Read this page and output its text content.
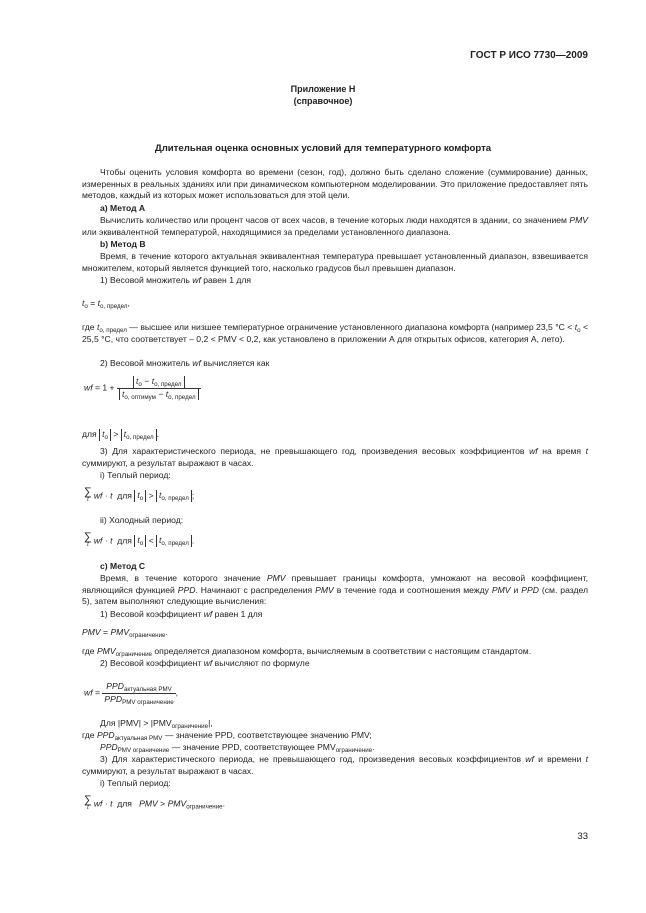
ГОСТ Р ИСО 7730—2009
Приложение Н
(справочное)
Длительная оценка основных условий для температурного комфорта
Чтобы оценить условия комфорта во времени (сезон, год), должно быть сделано сложение (суммирование) данных, измеренных в реальных зданиях или при динамическом компьютерном моделировании. Это приложение предоставляет пять методов, каждый из которых может использоваться для этой цели.
а) Метод А
Вычислить количество или процент часов от всех часов, в течение которых люди находятся в здании, со значением PMV или эквивалентной температурой, находящимися за пределами установленного диапазона.
b) Метод В
Время, в течение которого актуальная эквивалентная температура превышает установленный диапазон, взвешивается множителем, который является функцией того, насколько градусов был превышен диапазон.
1) Весовой множитель wf равен 1 для
$t_о = t_{о, предел}$,
где $t_{о, предел}$ — высшее или низшее температурное ограничение установленного диапазона комфорта (например 23,5 $^\circ С < t_о < 25,5$ °С, что соответствует – 0,2 < PMV < 0,2, как установлено в приложении А для открытых офисов, категория А, лето).
2) Весовой множитель wf вычисляется как
wf = $1 + \frac{t_о - t_{о, предел}}{t_{о, оптимум} - t_{о, предел}}$
для $t_о > t_{о, предел}$ .
3) Для характеристического периода, не превышающего год, произведения весовых коэффициентов wf на время t суммируют, а результат выражают в часах.
i) Теплый период:
∑
t wf · t для $t_о > t_{о, предел}$ ;
ii) Холодный период:
∑
t wf · t для $t_о < t_{о, предел}$ .
с) Метод С
Время, в течение которого значение PMV превышает границы комфорта, умножают на весовой коэффициент, являющийся функцией PPD. Начинают с распределения PMV в течение года и соотношения между PMV и PPD (см. раздел 5), затем выполняют следующие вычисления:
1) Весовой коэффициент wf равен 1 для
PMV = $PMV_{ограничение}$.
где $PMV_{ограничение}$ определяется диапазоном комфорта, вычисляемым в соответствии с настоящим стандартом.
2) Весовой коэффициент wf вычисляют по формуле
wf = $\frac{PPD_{актуальная PMV}}{PPD_{PMV ограничение}}$ ,
Для $|PMV| > |PMV_{ограничение}|$,
где $PPD_{актуальная PMV}$ — значение PPD, соответствующее значению PMV;
$PPD_{PMV ограничение}$ — значение PPD, соответствующее $PMV_{ограничение}$.
3) Для характеристического периода, не превышающего год, произведения весовых коэффициентов wf и времени t суммируют, а результат выражают в часах.
i) Теплый период:
∑
t wf · t для PMV > $PMV_{ограничение}$.
33
